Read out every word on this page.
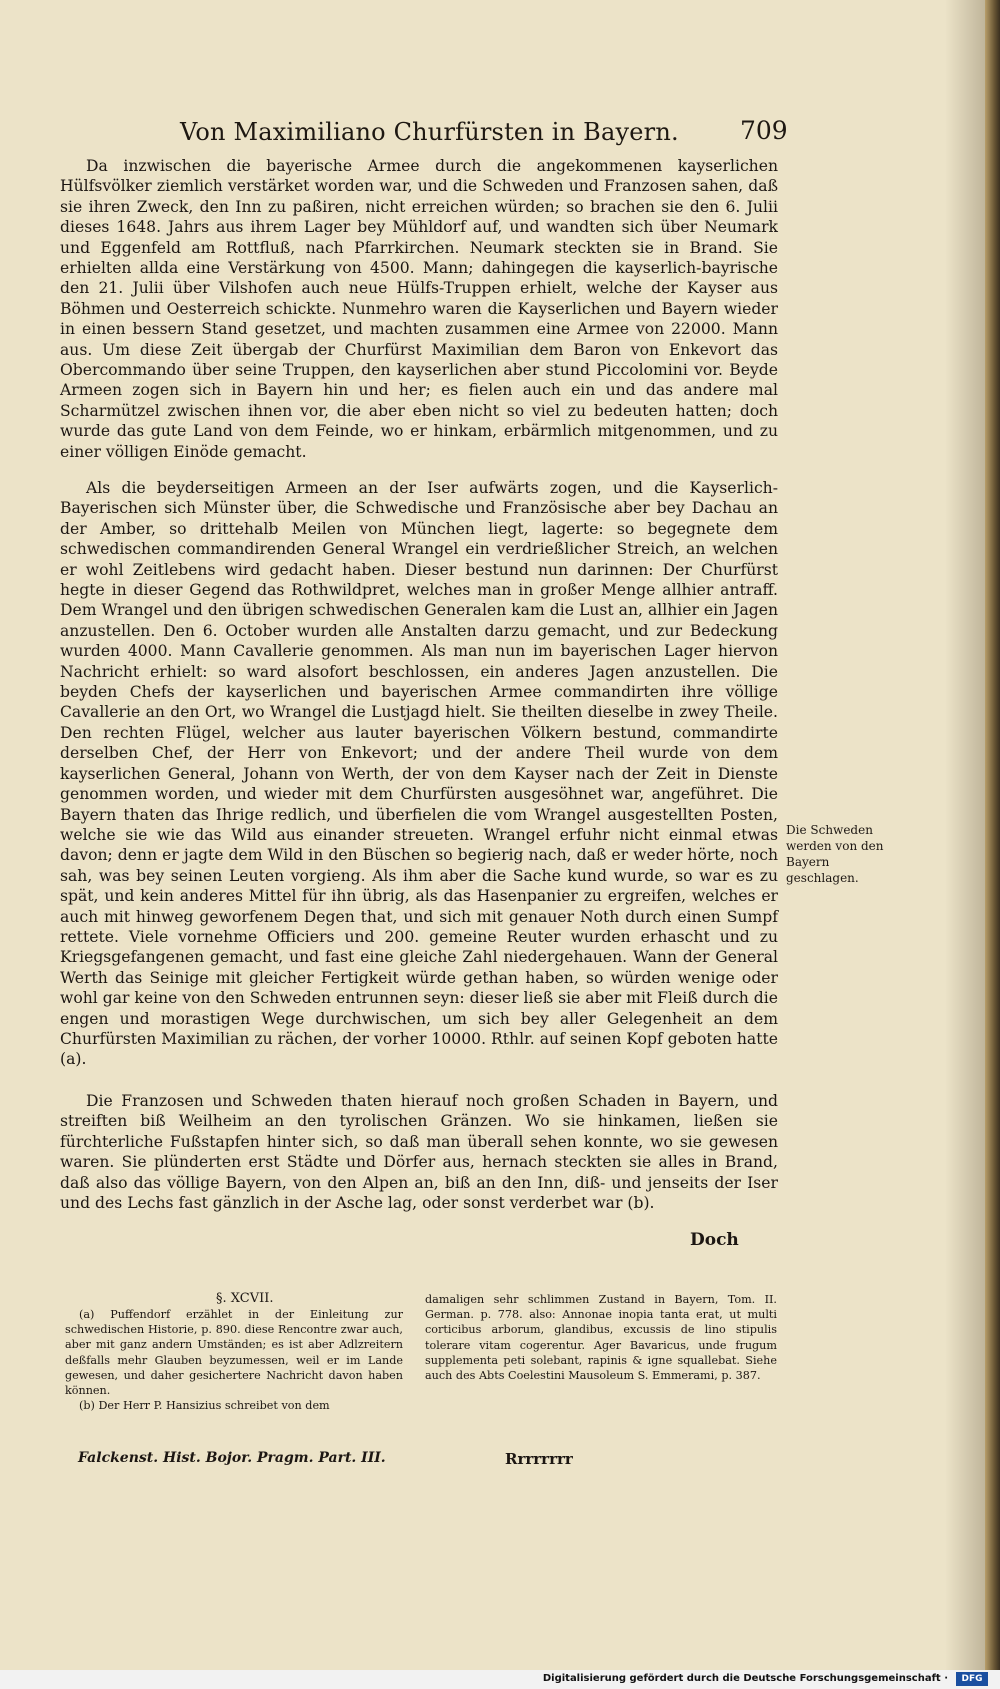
Von Maximiliano Churfürsten in Bayern.	709

Da inzwischen die bayerische Armee durch die angekommenen kayserlichen Hülfsvölker ziemlich verstärket worden war, und die Schweden und Franzosen sahen, daß sie ihren Zweck, den Inn zu paßiren, nicht erreichen würden; so brachen sie den 6. Julii dieses 1648. Jahrs aus ihrem Lager bey Mühldorf auf, und wandten sich über Neumark und Eggenfeld am Rottfluß, nach Pfarrkirchen. Neumark steckten sie in Brand. Sie erhielten allda eine Verstärkung von 4500. Mann; dahingegen die kayserlich-bayrische den 21. Julii über Vilshofen auch neue Hülfs-Truppen erhielt, welche der Kayser aus Böhmen und Oesterreich schickte. Nunmehro waren die Kayserlichen und Bayern wieder in einen bessern Stand gesetzet, und machten zusammen eine Armee von 22000. Mann aus. Um diese Zeit übergab der Churfürst Maximilian dem Baron von Enkevort das Obercommando über seine Truppen, den kayserlichen aber stund Piccolomini vor. Beyde Armeen zogen sich in Bayern hin und her; es fielen auch ein und das andere mal Scharmützel zwischen ihnen vor, die aber eben nicht so viel zu bedeuten hatten; doch wurde das gute Land von dem Feinde, wo er hinkam, erbärmlich mitgenommen, und zu einer völligen Einöde gemacht.

Als die beyderseitigen Armeen an der Iser aufwärts zogen, und die Kayserlich-Bayerischen sich Münster über, die Schwedische und Französische aber bey Dachau an der Amber, so drittehalb Meilen von München liegt, lagerte: so begegnete dem schwedischen commandirenden General Wrangel ein verdrießlicher Streich, an welchen er wohl Zeitlebens wird gedacht haben. Dieser bestund nun darinnen: Der Churfürst hegte in dieser Gegend das Rothwildpret, welches man in großer Menge allhier antraff. Dem Wrangel und den übrigen schwedischen Generalen kam die Lust an, allhier ein Jagen anzustellen. Den 6. October wurden alle Anstalten darzu gemacht, und zur Bedeckung wurden 4000. Mann Cavallerie genommen. Als man nun im bayerischen Lager hiervon Nachricht erhielt: so ward alsofort beschlossen, ein anderes Jagen anzustellen. Die beyden Chefs der kayserlichen und bayerischen Armee commandirten ihre völlige Cavallerie an den Ort, wo Wrangel die Lustjagd hielt. Sie theilten dieselbe in zwey Theile. Den rechten Flügel, welcher aus lauter bayerischen Völkern bestund, commandirte derselben Chef, der Herr von Enkevort; und der andere Theil wurde von dem kayserlichen General, Johann von Werth, der von dem Kayser nach der Zeit in Dienste genommen worden, und wieder mit dem Churfürsten ausgesöhnet war, angeführet. Die Bayern thaten das Ihrige redlich, und überfielen die vom Wrangel ausgestellten Posten, welche sie wie das Wild aus einander streueten. Wrangel erfuhr nicht einmal etwas davon; denn er jagte dem Wild in den Büschen so begierig nach, daß er weder hörte, noch sah, was bey seinen Leuten vorgieng. Als ihm aber die Sache kund wurde, so war es zu spät, und kein anderes Mittel für ihn übrig, als das Hasenpanier zu ergreifen, welches er auch mit hinweg geworfenem Degen that, und sich mit genauer Noth durch einen Sumpf rettete. Viele vornehme Officiers und 200. gemeine Reuter wurden erhascht und zu Kriegsgefangenen gemacht, und fast eine gleiche Zahl niedergehauen. Wann der General Werth das Seinige mit gleicher Fertigkeit würde gethan haben, so würden wenige oder wohl gar keine von den Schweden entrunnen seyn: dieser ließ sie aber mit Fleiß durch die engen und morastigen Wege durchwischen, um sich bey aller Gelegenheit an dem Churfürsten Maximilian zu rächen, der vorher 10000. Rthlr. auf seinen Kopf geboten hatte (a).

Die Franzosen und Schweden thaten hierauf noch großen Schaden in Bayern, und streiften biß Weilheim an den tyrolischen Gränzen. Wo sie hinkamen, ließen sie fürchterliche Fußstapfen hinter sich, so daß man überall sehen konnte, wo sie gewesen waren. Sie plünderten erst Städte und Dörfer aus, hernach steckten sie alles in Brand, daß also das völlige Bayern, von den Alpen an, biß an den Inn, diß- und jenseits der Iser und des Lechs fast gänzlich in der Asche lag, oder sonst verderbet war (b).

Doch
Die Schweden werden von den Bayern geschlagen.
§. XCVII.

(a) Puffendorf erzählet in der Einleitung zur schwedischen Historie, p. 890. diese Rencontre zwar auch, aber mit ganz andern Umständen; es ist aber Adlzreitern deßfalls mehr Glauben beyzumessen, weil er im Lande gewesen, und daher gesichertere Nachricht davon haben können.

(b) Der Herr P. Hansizius schreibet von dem

damaligen sehr schlimmen Zustand in Bayern, Tom. II. German. p. 778. also: Annonae inopia tanta erat, ut multi corticibus arborum, glandibus, excussis de lino stipulis tolerare vitam cogerentur. Ager Bavaricus, unde frugum supplementa peti solebant, rapinis & igne squallebat. Siehe auch des Abts Coelestini Mausoleum S. Emmerami, p. 387.

Falckenst. Hist. Bojor. Pragm. Part. III.	Rrrrrrrr
Digitalisierung gefördert durch die Deutsche Forschungsgemeinschaft ·	DFG
